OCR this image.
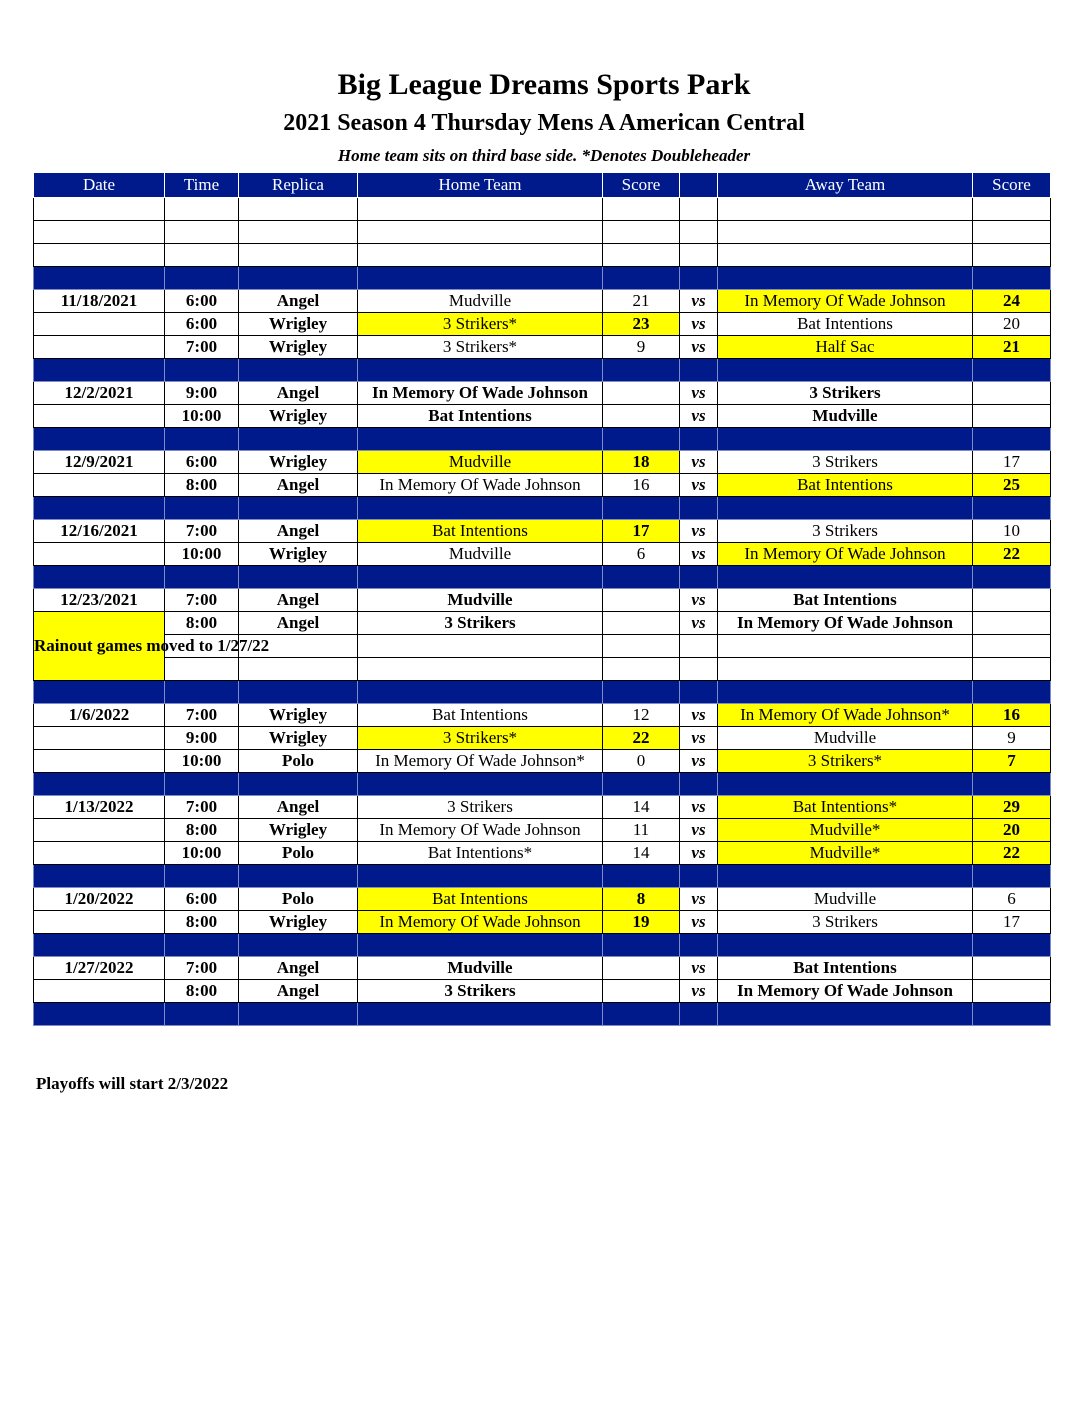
Big League Dreams Sports Park
2021 Season 4 Thursday Mens A American Central

Home team sits on third base side. *Denotes Doubleheader

Date	Time	Replica	Home Team	Score		Away Team	Score

11/18/2021	6:00	Angel	Mudville	21	vs	In Memory Of Wade Johnson	24
	6:00	Wrigley	3 Strikers*	23	vs	Bat Intentions	20
	7:00	Wrigley	3 Strikers*	9	vs	Half Sac	21

12/2/2021	9:00	Angel	In Memory Of Wade Johnson		vs	3 Strikers	
	10:00	Wrigley	Bat Intentions		vs	Mudville	

12/9/2021	6:00	Wrigley	Mudville	18	vs	3 Strikers	17
	8:00	Angel	In Memory Of Wade Johnson	16	vs	Bat Intentions	25

12/16/2021	7:00	Angel	Bat Intentions	17	vs	3 Strikers	10
	10:00	Wrigley	Mudville	6	vs	In Memory Of Wade Johnson	22

12/23/2021	7:00	Angel	Mudville		vs	Bat Intentions	
Rainout games moved to 1/27/22	8:00	Angel	3 Strikers		vs	In Memory Of Wade Johnson	

1/6/2022	7:00	Wrigley	Bat Intentions	12	vs	In Memory Of Wade Johnson*	16
	9:00	Wrigley	3 Strikers*	22	vs	Mudville	9
	10:00	Polo	In Memory Of Wade Johnson*	0	vs	3 Strikers*	7

1/13/2022	7:00	Angel	3 Strikers	14	vs	Bat Intentions*	29
	8:00	Wrigley	In Memory Of Wade Johnson	11	vs	Mudville*	20
	10:00	Polo	Bat Intentions*	14	vs	Mudville*	22

1/20/2022	6:00	Polo	Bat Intentions	8	vs	Mudville	6
	8:00	Wrigley	In Memory Of Wade Johnson	19	vs	3 Strikers	17

1/27/2022	7:00	Angel	Mudville		vs	Bat Intentions	
	8:00	Angel	3 Strikers		vs	In Memory Of Wade Johnson	

Playoffs will start 2/3/2022
